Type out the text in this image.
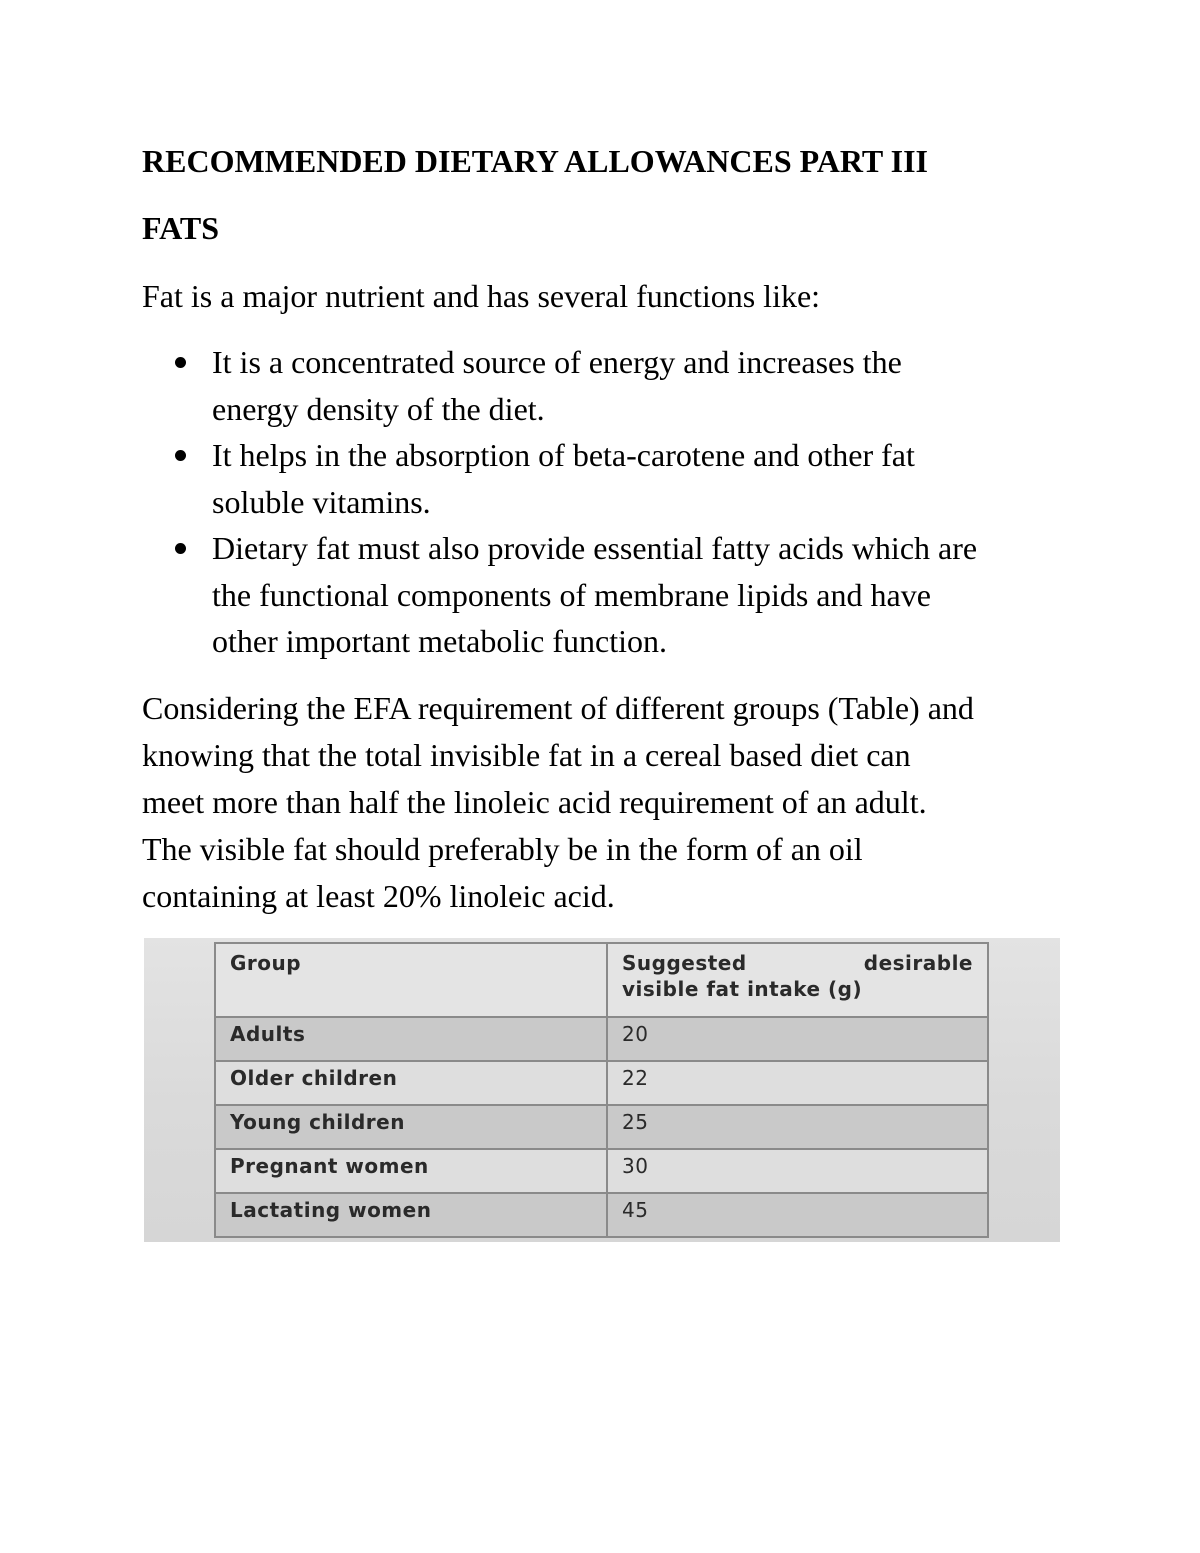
RECOMMENDED DIETARY ALLOWANCES PART III
FATS
Fat is a major nutrient and has several functions like:
It is a concentrated source of energy and increases the
energy density of the diet.
It helps in the absorption of beta-carotene and other fat
soluble vitamins.
Dietary fat must also provide essential fatty acids which are
the functional components of membrane lipids and have
other important metabolic function.
Considering the EFA requirement of different groups (Table) and
knowing that the total invisible fat in a cereal based diet can
meet more than half the linoleic acid requirement of an adult.
The visible fat should preferably be in the form of an oil
containing at least 20% linoleic acid.
Group	Suggested desirable
visible fat intake (g)

Adults	20
Older children	22
Young children	25
Pregnant women	30
Lactating women	45
